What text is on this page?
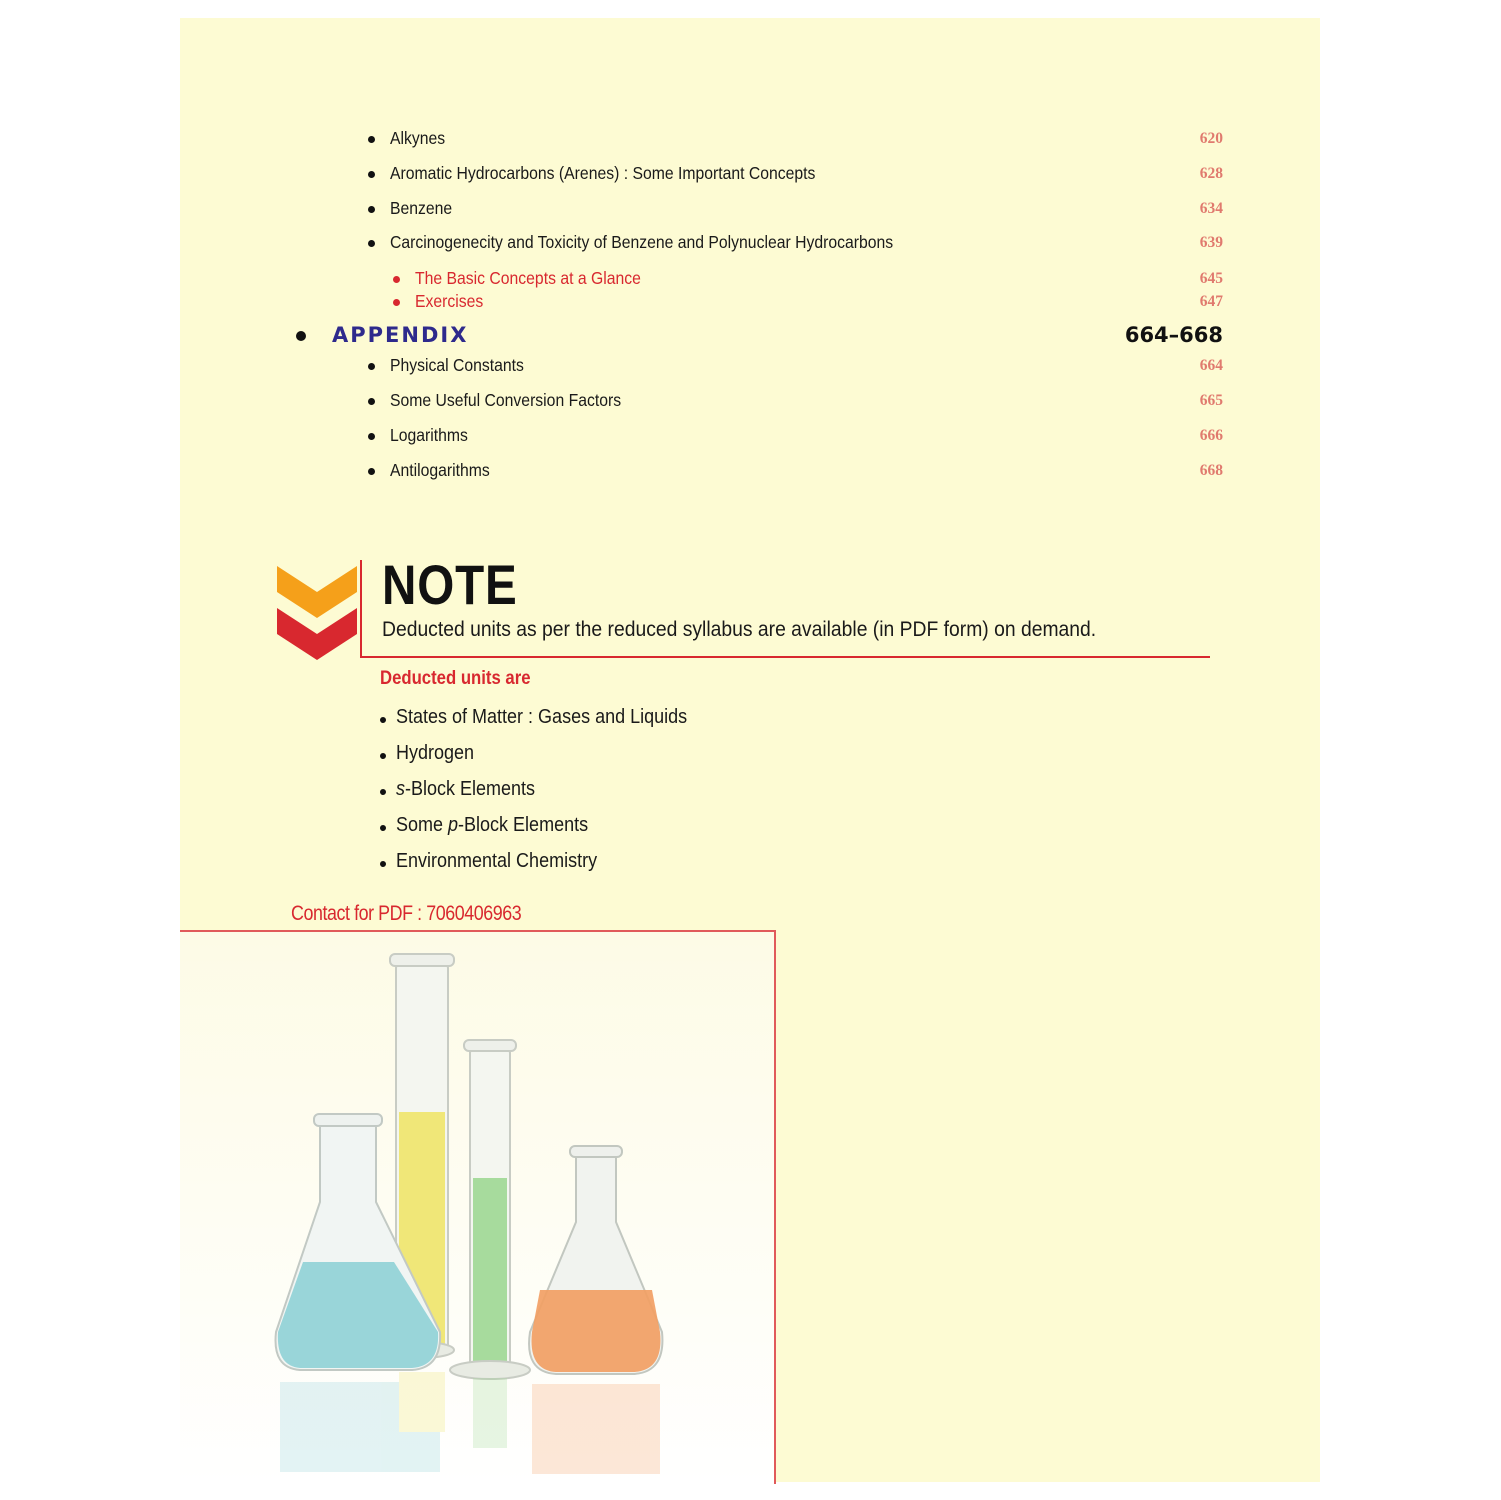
Alkynes	620
Aromatic Hydrocarbons (Arenes) : Some Important Concepts	628
Benzene	634
Carcinogenecity and Toxicity of Benzene and Polynuclear Hydrocarbons	639
The Basic Concepts at a Glance	645
Exercises	647
APPENDIX	664–668
Physical Constants	664
Some Useful Conversion Factors	665
Logarithms	666
Antilogarithms	668
NOTE
Deducted units as per the reduced syllabus are available (in PDF form) on demand.
Deducted units are
States of Matter : Gases and Liquids
Hydrogen
s-Block Elements
Some p-Block Elements
Environmental Chemistry
Contact for PDF : 7060406963
